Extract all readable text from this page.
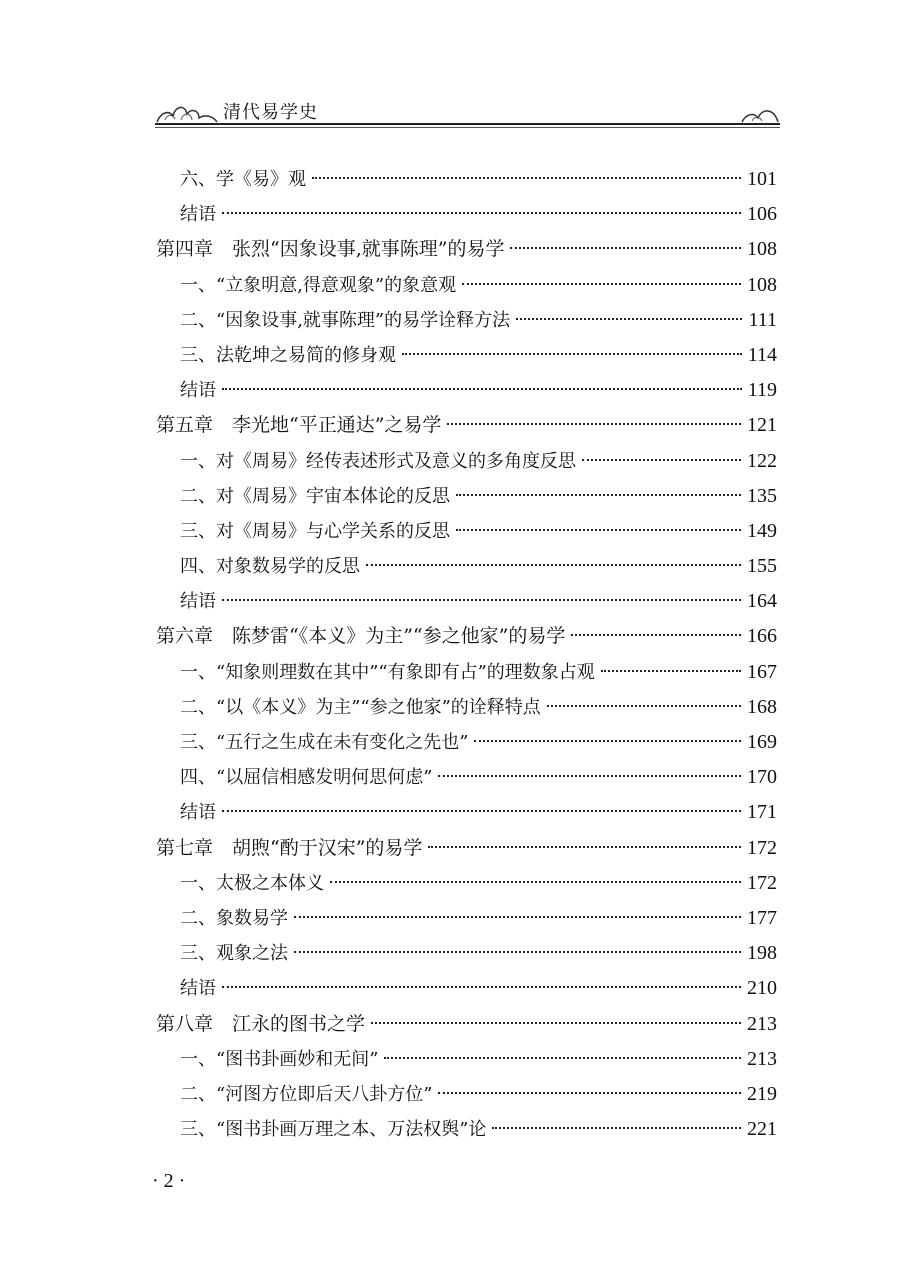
清代易学史
六、学《易》观	101
结语	106
第四章　张烈“因象设事,就事陈理”的易学	108
一、“立象明意,得意观象”的象意观	108
二、“因象设事,就事陈理”的易学诠释方法	111
三、法乾坤之易简的修身观	114
结语	119
第五章　李光地“平正通达”之易学	121
一、对《周易》经传表述形式及意义的多角度反思	122
二、对《周易》宇宙本体论的反思	135
三、对《周易》与心学关系的反思	149
四、对象数易学的反思	155
结语	164
第六章　陈梦雷“《本义》为主”“参之他家”的易学	166
一、“知象则理数在其中”“有象即有占”的理数象占观	167
二、“以《本义》为主”“参之他家”的诠释特点	168
三、“五行之生成在未有变化之先也”	169
四、“以屈信相感发明何思何虑”	170
结语	171
第七章　胡煦“酌于汉宋”的易学	172
一、太极之本体义	172
二、象数易学	177
三、观象之法	198
结语	210
第八章　江永的图书之学	213
一、“图书卦画妙和无间”	213
二、“河图方位即后天八卦方位”	219
三、“图书卦画万理之本、万法权舆”论	221
· 2 ·
